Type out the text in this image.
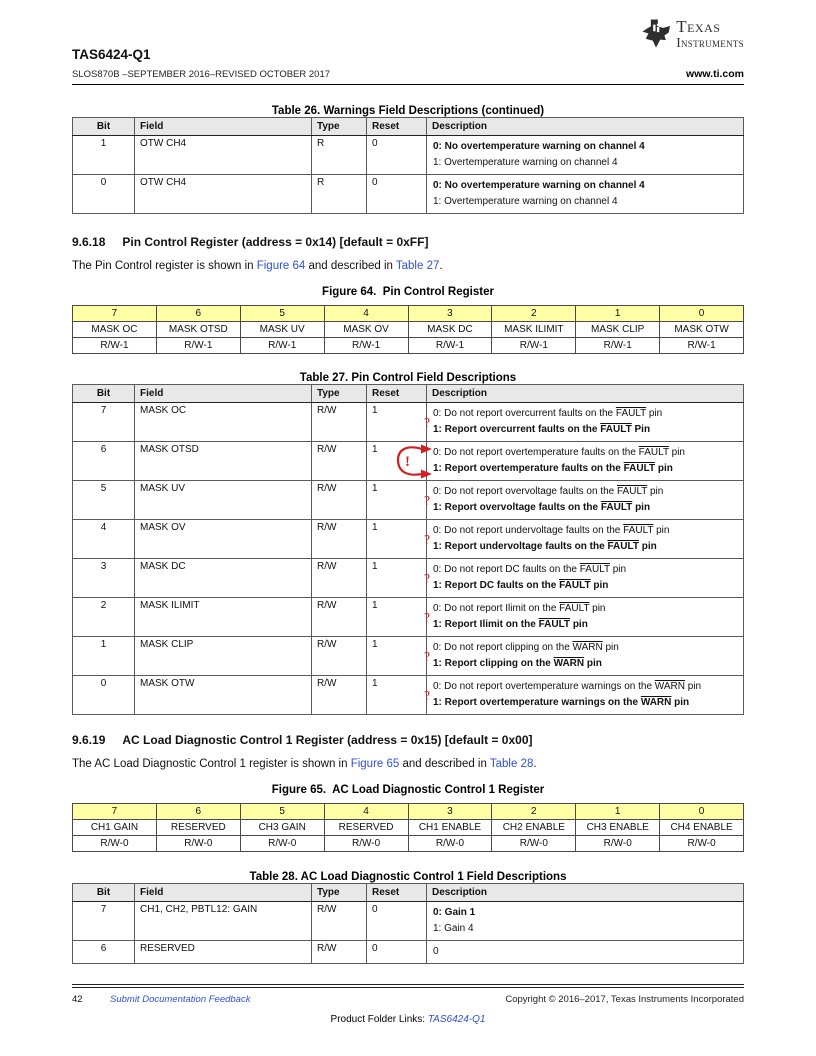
Texas
Instruments
TAS6424-Q1
SLOS870B –SEPTEMBER 2016–REVISED OCTOBER 2017	www.ti.com
Table 26. Warnings Field Descriptions (continued)
Bit	Field	Type	Reset	Description
1	OTW CH4	R	0	0: No overtemperature warning on channel 4
1: Overtemperature warning on channel 4

0	OTW CH4	R	0	0: No overtemperature warning on channel 4
1: Overtemperature warning on channel 4
9.6.18 Pin Control Register (address = 0x14) [default = 0xFF]

The Pin Control register is shown in Figure 64 and described in Table 27.

Figure 64.  Pin Control Register
7	6	5	4	3	2	1	0
MASK OC	MASK OTSD	MASK UV	MASK OV	MASK DC	MASK ILIMIT	MASK CLIP	MASK OTW
R/W-1	R/W-1	R/W-1	R/W-1	R/W-1	R/W-1	R/W-1	R/W-1
Table 27. Pin Control Field Descriptions
Bit	Field	Type	Reset	Description
7	MASK OC	R/W	1
?

0: Do not report overcurrent faults on the FAULT pin
1: Report overcurrent faults on the FAULT Pin

6	MASK OTSD	R/W	1
!

0: Do not report overtemperature faults on the FAULT pin
1: Report overtemperature faults on the FAULT pin

5	MASK UV	R/W	1
?

0: Do not report overvoltage faults on the FAULT pin
1: Report overvoltage faults on the FAULT pin

4	MASK OV	R/W	1
?

0: Do not report undervoltage faults on the FAULT pin
1: Report undervoltage faults on the FAULT pin

3	MASK DC	R/W	1
?

0: Do not report DC faults on the FAULT pin
1: Report DC faults on the FAULT pin

2	MASK ILIMIT	R/W	1
?

0: Do not report Ilimit on the FAULT pin
1: Report Ilimit on the FAULT pin

1	MASK CLIP	R/W	1
?

0: Do not report clipping on the WARN pin
1: Report clipping on the WARN pin

0	MASK OTW	R/W	1
?

0: Do not report overtemperature warnings on the WARN pin
1: Report overtemperature warnings on the WARN pin
9.6.19 AC Load Diagnostic Control 1 Register (address = 0x15) [default = 0x00]

The AC Load Diagnostic Control 1 register is shown in Figure 65 and described in Table 28.

Figure 65.  AC Load Diagnostic Control 1 Register
7	6	5	4	3	2	1	0
CH1 GAIN	RESERVED	CH3 GAIN	RESERVED	CH1 ENABLE	CH2 ENABLE	CH3 ENABLE	CH4 ENABLE
R/W-0	R/W-0	R/W-0	R/W-0	R/W-0	R/W-0	R/W-0	R/W-0
Table 28. AC Load Diagnostic Control 1 Field Descriptions
Bit	Field	Type	Reset	Description
7	CH1, CH2, PBTL12: GAIN	R/W	0	0: Gain 1
1: Gain 4

6	RESERVED	R/W	0	0
42	Submit Documentation Feedback	Copyright © 2016–2017, Texas Instruments Incorporated
Product Folder Links: TAS6424-Q1
